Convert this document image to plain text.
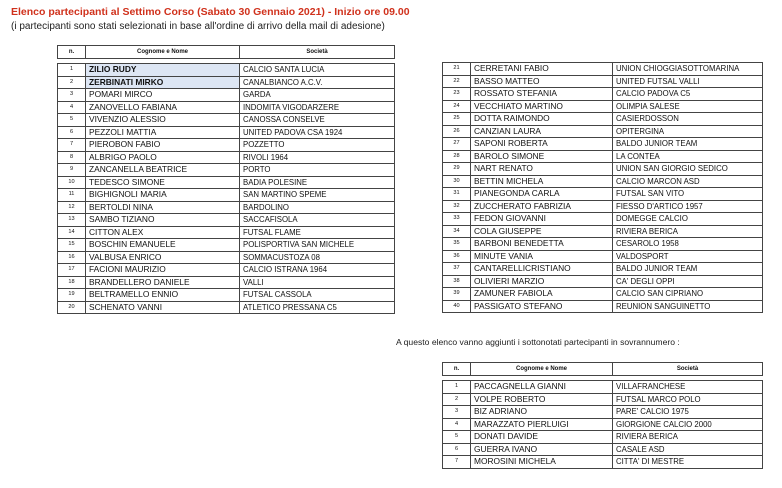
Elenco partecipanti al Settimo Corso (Sabato 30 Gennaio 2021) - Inizio ore 09.00
(i partecipanti sono stati selezionati in base all'ordine di arrivo della mail di adesione)
n.	Cognome e Nome	Società

1	ZILIO RUDY	CALCIO SANTA LUCIA
2	ZERBINATI MIRKO	CANALBIANCO A.C.V.
3	POMARI MIRCO	GARDA
4	ZANOVELLO FABIANA	INDOMITA VIGODARZERE
5	VIVENZIO ALESSIO	CANOSSA CONSELVE
6	PEZZOLI MATTIA	UNITED PADOVA CSA 1924
7	PIEROBON FABIO	POZZETTO
8	ALBRIGO PAOLO	RIVOLI 1964
9	ZANCANELLA BEATRICE	PORTO
10	TEDESCO SIMONE	BADIA POLESINE
11	BIGHIGNOLI MARIA	SAN MARTINO SPEME
12	BERTOLDI NINA	BARDOLINO
13	SAMBO TIZIANO	SACCAFISOLA
14	CITTON ALEX	FUTSAL FLAME
15	BOSCHIN EMANUELE	POLISPORTIVA SAN MICHELE
16	VALBUSA ENRICO	SOMMACUSTOZA 08
17	FACIONI MAURIZIO	CALCIO ISTRANA 1964
18	BRANDELLERO DANIELE	VALLI
19	BELTRAMELLO ENNIO	FUTSAL CASSOLA
20	SCHENATO VANNI	ATLETICO PRESSANA C5
21	CERRETANI FABIO	UNION CHIOGGIASOTTOMARINA
22	BASSO MATTEO	UNITED FUTSAL VALLI
23	ROSSATO STEFANIA	CALCIO PADOVA C5
24	VECCHIATO MARTINO	OLIMPIA SALESE
25	DOTTA RAIMONDO	CASIERDOSSON
26	CANZIAN LAURA	OPITERGINA
27	SAPONI ROBERTA	BALDO JUNIOR TEAM
28	BAROLO SIMONE	LA CONTEA
29	NART RENATO	UNION SAN GIORGIO SEDICO
30	BETTIN MICHELA	CALCIO MARCON ASD
31	PIANEGONDA CARLA	FUTSAL SAN VITO
32	ZUCCHERATO FABRIZIA	FIESSO D'ARTICO 1957
33	FEDON GIOVANNI	DOMEGGE CALCIO
34	COLA GIUSEPPE	RIVIERA BERICA
35	BARBONI BENEDETTA	CESAROLO 1958
36	MINUTE VANIA	VALDOSPORT
37	CANTARELLICRISTIANO	BALDO JUNIOR TEAM
38	OLIVIERI MARZIO	CA' DEGLI OPPI
39	ZAMUNER FABIOLA	CALCIO SAN CIPRIANO
40	PASSIGATO STEFANO	REUNION SANGUINETTO
A questo elenco vanno aggiunti i sottonotati partecipanti in sovrannumero :
n.	Cognome e Nome	Società

1	PACCAGNELLA GIANNI	VILLAFRANCHESE
2	VOLPE ROBERTO	FUTSAL MARCO POLO
3	BIZ ADRIANO	PARE' CALCIO 1975
4	MARAZZATO PIERLUIGI	GIORGIONE CALCIO 2000
5	DONATI DAVIDE	RIVIERA BERICA
6	GUERRA IVANO	CASALE ASD
7	MOROSINI MICHELA	CITTA' DI MESTRE
